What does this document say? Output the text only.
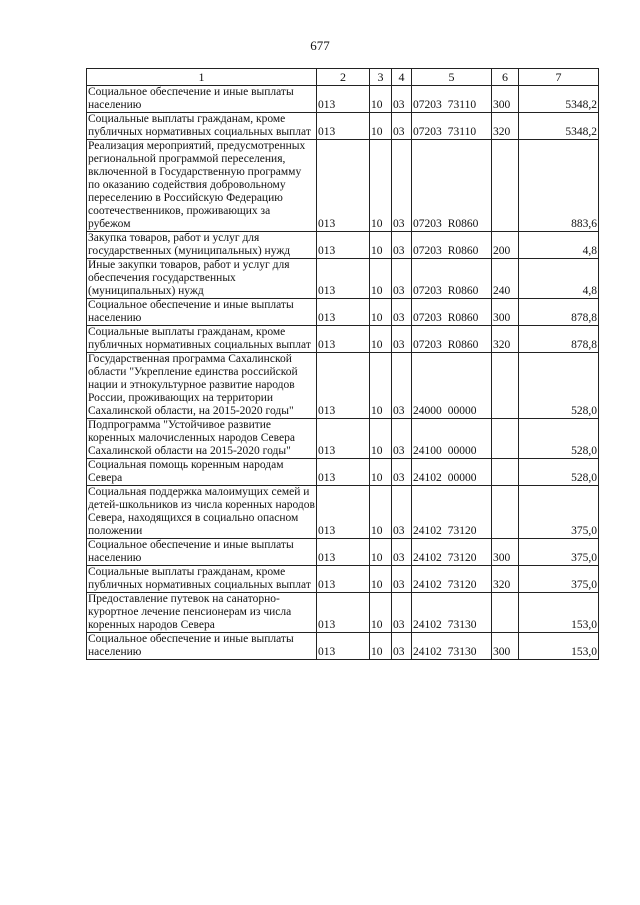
677
1	2	3	4	5	6	7
Социальное обеспечение и иные выплаты населению	013	10	03	07203 73110	300	5348,2
Социальные выплаты гражданам, кроме публичных нормативных социальных выплат	013	10	03	07203 73110	320	5348,2
Реализация мероприятий, предусмотренных региональной программой переселения, включенной в Государственную программу по оказанию содействия добровольному переселению в Российскую Федерацию соотечественников, проживающих за рубежом	013	10	03	07203 R0860		883,6
Закупка товаров, работ и услуг для государственных (муниципальных) нужд	013	10	03	07203 R0860	200	4,8
Иные закупки товаров, работ и услуг для обеспечения государственных (муниципальных) нужд	013	10	03	07203 R0860	240	4,8
Социальное обеспечение и иные выплаты населению	013	10	03	07203 R0860	300	878,8
Социальные выплаты гражданам, кроме публичных нормативных социальных выплат	013	10	03	07203 R0860	320	878,8
Государственная программа Сахалинской области "Укрепление единства российской нации и этнокультурное развитие народов России, проживающих на территории Сахалинской области, на 2015-2020 годы"	013	10	03	24000 00000		528,0
Подпрограмма "Устойчивое развитие коренных малочисленных народов Севера Сахалинской области на 2015-2020 годы"	013	10	03	24100 00000		528,0
Социальная помощь коренным народам Севера	013	10	03	24102 00000		528,0
Социальная поддержка малоимущих семей и детей-школьников из числа коренных народов Севера, находящихся в социально опасном положении	013	10	03	24102 73120		375,0
Социальное обеспечение и иные выплаты населению	013	10	03	24102 73120	300	375,0
Социальные выплаты гражданам, кроме публичных нормативных социальных выплат	013	10	03	24102 73120	320	375,0
Предоставление путевок на санаторно-курортное лечение пенсионерам из числа коренных народов Севера	013	10	03	24102 73130		153,0
Социальное обеспечение и иные выплаты населению	013	10	03	24102 73130	300	153,0
